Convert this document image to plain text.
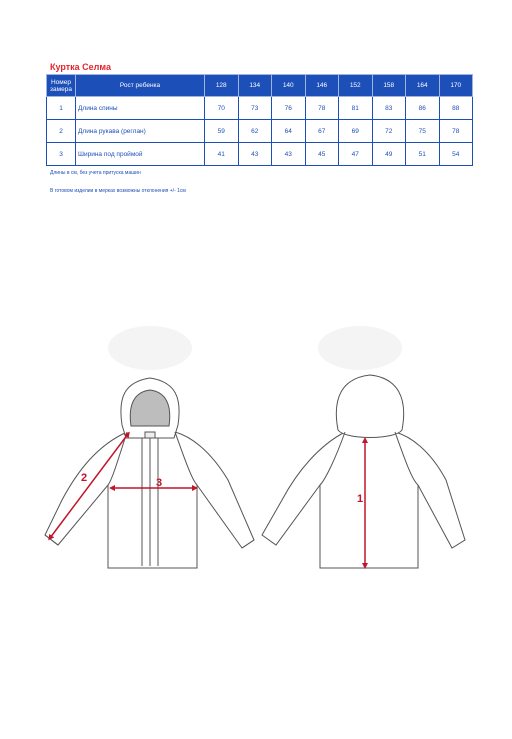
Куртка Селма
Номер замера	Рост ребенка	128	134	140	146	152	158	164	170
1	Длина спины	70	73	76	78	81	83	86	88
2	Длина рукава (реглан)	59	62	64	67	69	72	75	78
3	Ширина под проймой	41	43	43	45	47	49	51	54
Длины в см, без учета притуска машин
В готовом изделии в мерках возможны отклонения +/- 1см
2	3
1
